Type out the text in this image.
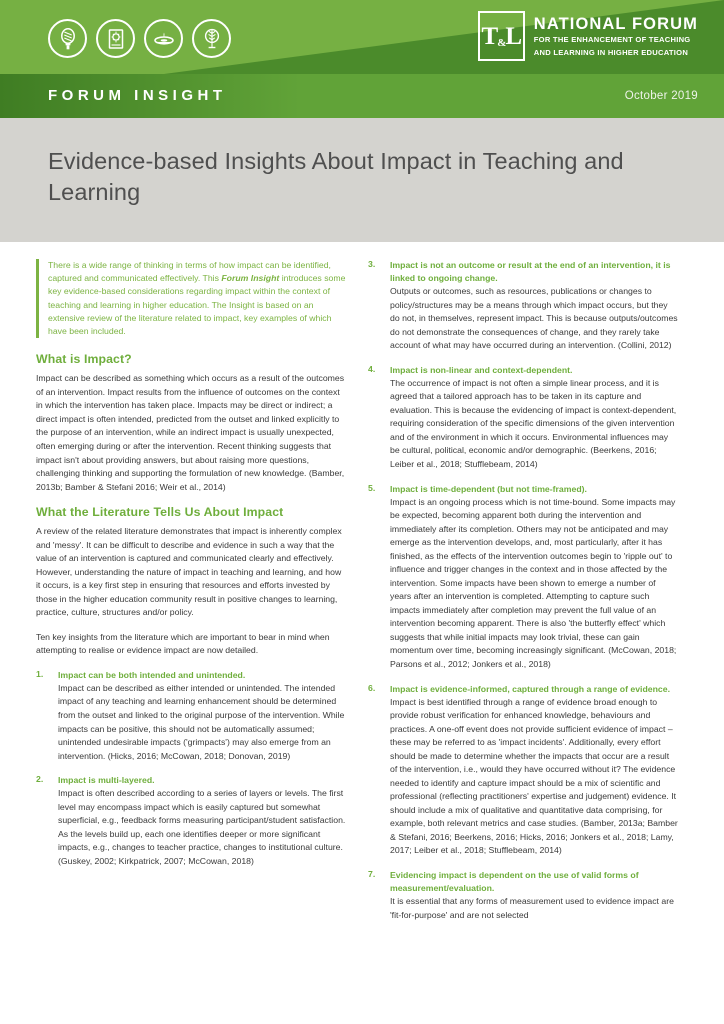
$T_{\&}L$ NATIONAL FORUM
FOR THE ENHANCEMENT OF TEACHING
AND LEARNING IN HIGHER EDUCATION
FORUM INSIGHT	October 2019
Evidence-based Insights About Impact in Teaching and Learning
There is a wide range of thinking in terms of how impact can be identified, captured and communicated effectively. This Forum Insight introduces some key evidence-based considerations regarding impact within the context of teaching and learning in higher education. The Insight is based on an extensive review of the literature related to impact, key examples of which have been included.
What is Impact?

Impact can be described as something which occurs as a result of the outcomes of an intervention. Impact results from the influence of outcomes on the context in which the intervention has taken place. Impacts may be direct or indirect; a direct impact is often intended, predicted from the outset and linked explicitly to the purpose of an intervention, while an indirect impact is usually unexpected, often emerging during or after the intervention. Recent thinking suggests that impact isn't about providing answers, but about raising more questions, challenging thinking and supporting the formulation of new knowledge. (Bamber, 2013b; Bamber & Stefani 2016; Weir et al., 2014)

What the Literature Tells Us About Impact

A review of the related literature demonstrates that impact is inherently complex and 'messy'. It can be difficult to describe and evidence in such a way that the value of an intervention is captured and communicated clearly and effectively. However, understanding the nature of impact in teaching and learning, and how it occurs, is a key first step in ensuring that resources and efforts invested by those in the higher education community result in positive changes to learning, practice, culture, structures and/or policy.

Ten key insights from the literature which are important to bear in mind when attempting to realise or evidence impact are now detailed.

1. Impact can be both intended and unintended.
Impact can be described as either intended or unintended. The intended impact of any teaching and learning enhancement should be determined from the outset and linked to the original purpose of the intervention. While impacts can be positive, this should not be automatically assumed; unintended undesirable impacts ('grimpacts') may also emerge from an intervention. (Hicks, 2016; McCowan, 2018; Donovan, 2019)
2. Impact is multi-layered.
Impact is often described according to a series of layers or levels. The first level may encompass impact which is easily captured but somewhat superficial, e.g., feedback forms measuring participant/student satisfaction. As the levels build up, each one identifies deeper or more significant impacts, e.g., changes to teacher practice, changes to institutional culture. (Guskey, 2002; Kirkpatrick, 2007; McCowan, 2018)
3. Impact is not an outcome or result at the end of an intervention, it is linked to ongoing change.
Outputs or outcomes, such as resources, publications or changes to policy/structures may be a means through which impact occurs, but they do not, in themselves, represent impact. This is because outputs/outcomes do not demonstrate the consequences of change, and they rarely take account of what may have occurred during an intervention. (Collini, 2012)
4. Impact is non-linear and context-dependent.
The occurrence of impact is not often a simple linear process, and it is agreed that a tailored approach has to be taken in its capture and evaluation. This is because the evidencing of impact is context-dependent, requiring consideration of the specific dimensions of the given intervention and of the environment in which it occurs. Environmental influences may be cultural, political, economic and/or demographic. (Beerkens, 2016; Leiber et al., 2018; Stufflebeam, 2014)
5. Impact is time-dependent (but not time-framed).
Impact is an ongoing process which is not time-bound. Some impacts may be expected, becoming apparent both during the intervention and immediately after its completion. Others may not be anticipated and may emerge as the intervention develops, and, most particularly, after it has finished, as the effects of the intervention outcomes begin to 'ripple out' to influence and trigger changes in the context and in those affected by the intervention. Some impacts have been shown to emerge a number of years after an intervention is completed. Attempting to capture such impacts immediately after completion may prevent the full value of an intervention becoming apparent. There is also 'the butterfly effect' which suggests that while initial impacts may look trivial, these can gain momentum over time, becoming increasingly significant. (McCowan, 2018; Parsons et al., 2012; Jonkers et al., 2018)
6. Impact is evidence-informed, captured through a range of evidence.
Impact is best identified through a range of evidence broad enough to provide robust verification for enhanced knowledge, behaviours and practices. A one-off event does not provide sufficient evidence of impact – these may be referred to as 'impact incidents'. Additionally, every effort should be made to determine whether the impacts that occur are a result of the intervention, i.e., would they have occurred without it? The evidence needed to identify and capture impact should be a mix of scientific and professional (reflecting practitioners' expertise and judgement) evidence. It should include a mix of qualitative and quantitative data comprising, for example, both relevant metrics and case studies. (Bamber, 2013a; Bamber & Stefani, 2016; Beerkens, 2016; Hicks, 2016; Jonkers et al., 2018; Lamy, 2017; Leiber et al., 2018; Stufflebeam, 2014)
7. Evidencing impact is dependent on the use of valid forms of measurement/evaluation.
It is essential that any forms of measurement used to evidence impact are 'fit-for-purpose' and are not selected
